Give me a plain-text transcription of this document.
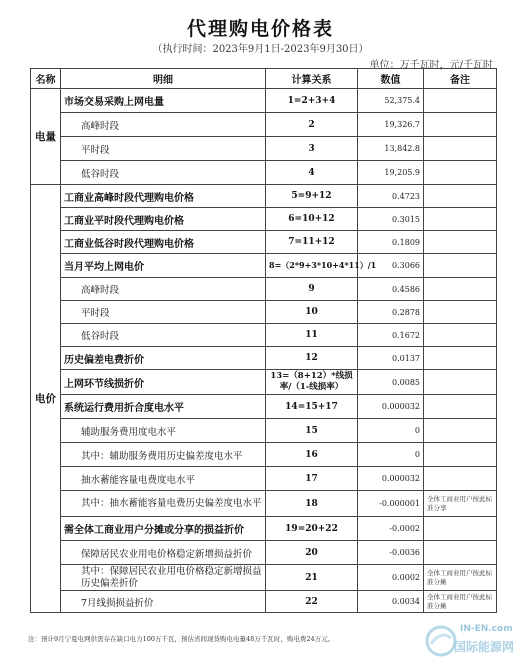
代理购电价格表
（执行时间：2023年9月1日-2023年9月30日）
单位：万千瓦时，元/千瓦时
名称	明细	计算关系	数值	备注
电量	市场交易采购上网电量	1=2+3+4	52,375.4	
	高峰时段	2	19,326.7	
	平时段	3	13,842.8	
	低谷时段	4	19,205.9	
电价	工商业高峰时段代理购电价格	5=9+12	0.4723	
	工商业平时段代理购电价格	6=10+12	0.3015	
	工商业低谷时段代理购电价格	7=11+12	0.1809	
	当月平均上网电价	8=（2*9+3*10+4*11）/1	0.3066	
	高峰时段	9	0.4586	
	平时段	10	0.2878	
	低谷时段	11	0.1672	
	历史偏差电费折价	12	0.0137	
	上网环节线损折价	13=（8+12）*线损率/（1-线损率）	0.0085	
	系统运行费用折合度电水平	14=15+17	0.000032	
	辅助服务费用度电水平	15	0	
	其中：辅助服务费用历史偏差度电水平	16	0	
	抽水蓄能容量电费度电水平	17	0.000032	
	其中：抽水蓄能容量电费历史偏差度电水平	18	-0.000001	全体工商业用户按此标准分享
	需全体工商业用户分摊或分享的损益折价	19=20+22	-0.0002	
	保障居民农业用电价格稳定新增损益折价	20	-0.0036	
	其中：保障居民农业用电价格稳定新增损益历史偏差折价	21	0.0002	全体工商业用户按此标准分摊
	7月线损损益折价	22	0.0034	全体工商业用户按此标准分摊
注：预计9月宁夏电网供需存在缺口电力100万千瓦，预估省间现货购电电量48万千瓦时，购电费24万元。
IN-EN.com
国际能源网
